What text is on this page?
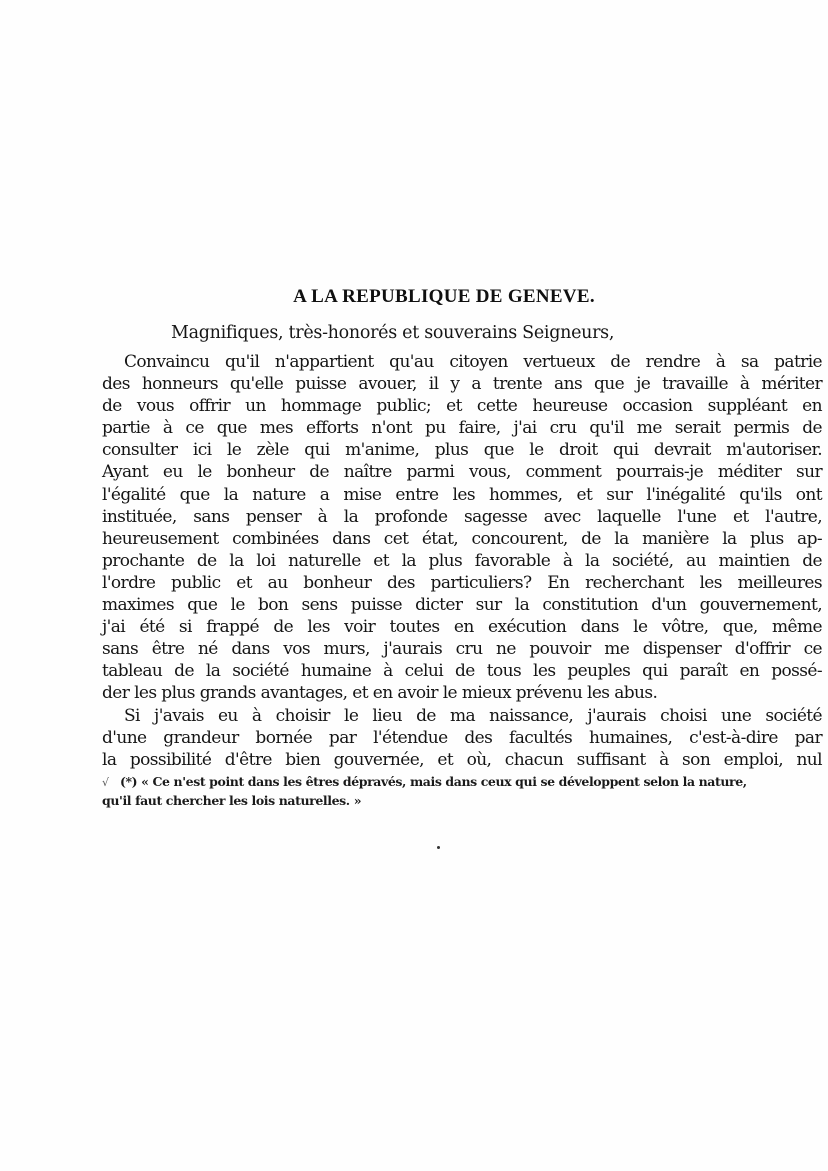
A LA REPUBLIQUE DE GENEVE.
Magnifiques, très-honorés et souverains Seigneurs,
Convaincu qu'il n'appartient qu'au citoyen vertueux de rendre à sa patrie
des honneurs qu'elle puisse avouer, il y a trente ans que je travaille à mériter
de vous offrir un hommage public; et cette heureuse occasion suppléant en
partie à ce que mes efforts n'ont pu faire, j'ai cru qu'il me serait permis de
consulter ici le zèle qui m'anime, plus que le droit qui devrait m'autoriser.
Ayant eu le bonheur de naître parmi vous, comment pourrais-je méditer sur
l'égalité que la nature a mise entre les hommes, et sur l'inégalité qu'ils ont
instituée, sans penser à la profonde sagesse avec laquelle l'une et l'autre,
heureusement combinées dans cet état, concourent, de la manière la plus ap-
prochante de la loi naturelle et la plus favorable à la société, au maintien de
l'ordre public et au bonheur des particuliers? En recherchant les meilleures
maximes que le bon sens puisse dicter sur la constitution d'un gouvernement,
j'ai été si frappé de les voir toutes en exécution dans le vôtre, que, même
sans être né dans vos murs, j'aurais cru ne pouvoir me dispenser d'offrir ce
tableau de la société humaine à celui de tous les peuples qui paraît en possé-
der les plus grands avantages, et en avoir le mieux prévenu les abus.
Si j'avais eu à choisir le lieu de ma naissance, j'aurais choisi une société
d'une grandeur bornée par l'étendue des facultés humaines, c'est-à-dire par
la possibilité d'être bien gouvernée, et où, chacun suffisant à son emploi, nul
√ (*) « Ce n'est point dans les êtres dépravés, mais dans ceux qui se développent selon la nature,
qu'il faut chercher les lois naturelles. »
